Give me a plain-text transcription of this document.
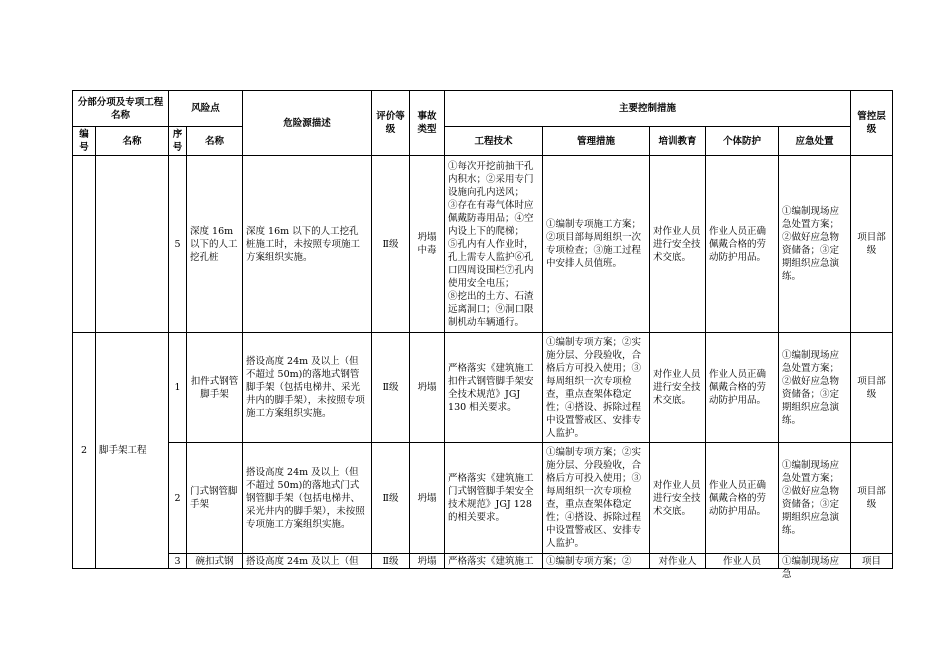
分部分项及专项工程名称		风险点		危险源描述	评价等级	事故类型	主要控制措施					管控层级
编号	名称	序号	名称				工程技术	管理措施	培训教育	个体防护	应急处置	
		5	深度 16m 以下的人工挖孔桩	深度 16m 以下的人工挖孔桩施工时，未按照专项施工方案组织实施。	Ⅱ级	坍塌中毒	①每次开挖前抽干孔内积水；②采用专门设施向孔内送风；
③存在有毒气体时应佩戴防毒用品；④空内设上下的爬梯；
⑤孔内有人作业时，孔上需专人监护⑥孔口四周设围栏⑦孔内使用安全电压；
⑧挖出的土方、石渣远离洞口；⑨洞口限制机动车辆通行。	①编制专项施工方案；②项目部每周组织一次专项检查；③施工过程中安排人员值班。	对作业人员进行安全技术交底。	作业人员正确佩戴合格的劳动防护用品。	①编制现场应急处置方案；②做好应急物资储备；③定期组织应急演练。	项目部级
2	脚手架工程	1	扣件式钢管脚手架	搭设高度 24m 及以上（但不超过 50m)的落地式钢管脚手架（包括电梯井、采光井内的脚手架），未按照专项施工方案组织实施。	Ⅱ级	坍塌	严格落实《建筑施工扣件式钢管脚手架安全技术规范》JGJ 130 相关要求。	①编制专项方案；②实施分层、分段验收，合格后方可投入使用；③每周组织一次专项检查，重点查架体稳定性；④搭设、拆除过程中设置警戒区、安排专人监护。	对作业人员进行安全技术交底。	作业人员正确佩戴合格的劳动防护用品。	①编制现场应急处置方案；②做好应急物资储备；③定期组织应急演练。	项目部级
		2	门式钢管脚手架	搭设高度 24m 及以上（但不超过 50m)的落地式门式钢管脚手架（包括电梯井、采光井内的脚手架），未按照专项施工方案组织实施。	Ⅱ级	坍塌	严格落实《建筑施工门式钢管脚手架安全技术规范》JGJ 128 的相关要求。	①编制专项方案；②实施分层、分段验收，合格后方可投入使用；③每周组织一次专项检查，重点查架体稳定性；④搭设、拆除过程中设置警戒区、安排专人监护。	对作业人员进行安全技术交底。	作业人员正确佩戴合格的劳动防护用品。	①编制现场应急处置方案；②做好应急物资储备；③定期组织应急演练。	项目部级

		3	碗扣式钢	搭设高度 24m 及以上（但	Ⅱ级	坍塌	严格落实《建筑施工	①编制专项方案；②	对作业人	作业人员	①编制现场应急	项目
